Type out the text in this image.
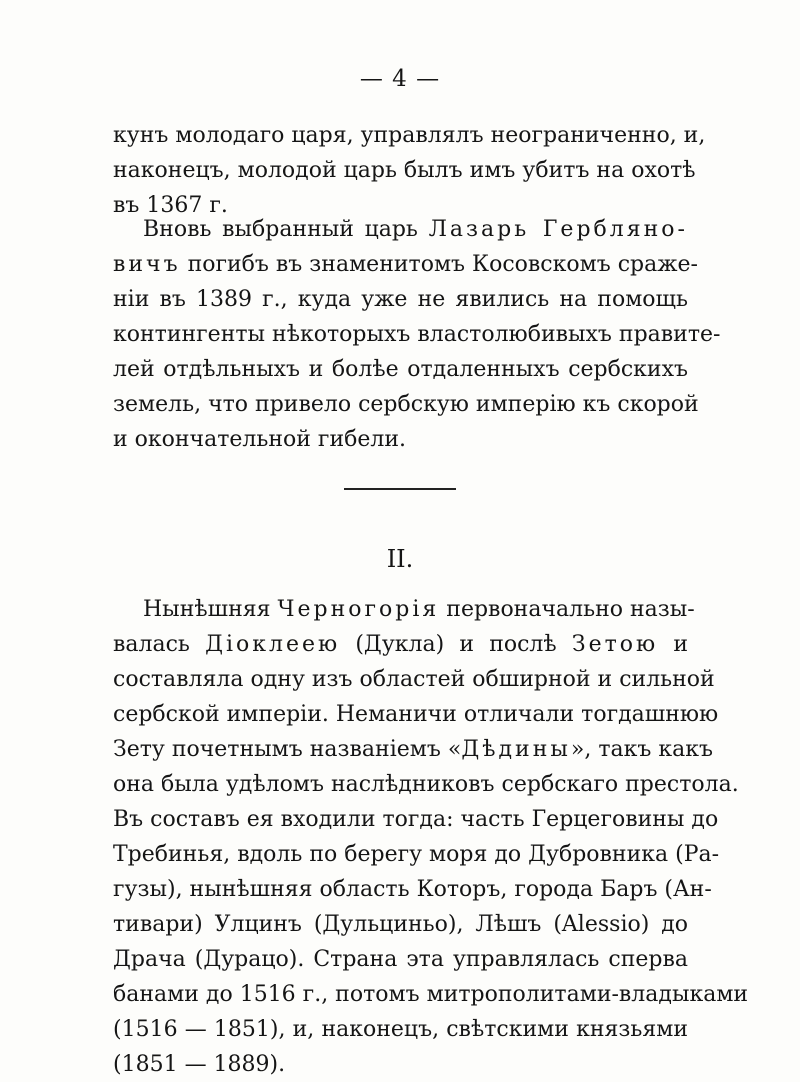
— 4 —
кунъ молодаго царя, управлялъ неограниченно, и,
наконецъ, молодой царь былъ имъ убитъ на охотѣ
въ 1367 г.
Вновь выбранный царь Лазарь Гербляно-
вичъ погибъ въ знаменитомъ Косовскомъ сраже-
нiи въ 1389 г., куда уже не явились на помощь
контингенты нѣкоторыхъ властолюбивыхъ правите-
лей отдѣльныхъ и болѣе отдаленныхъ сербскихъ
земель, что привело сербскую имперiю къ скорой
и окончательной гибели.
II.
Нынѣшняя Черногорiя первоначально назы-
валась Дiоклеею (Дукла) и послѣ Зетою и
составляла одну изъ областей обширной и сильной
сербской имперiи. Неманичи отличали тогдашнюю
Зету почетнымъ названiемъ «Дѣдины», такъ какъ
она была удѣломъ наслѣдниковъ сербскаго престола.
Въ составъ ея входили тогда: часть Герцеговины до
Требинья, вдоль по берегу моря до Дубровника (Ра-
гузы), нынѣшняя область Которъ, города Баръ (Ан-
тивари) Улцинъ (Дульциньо), Лѣшъ (Alessio) до
Драча (Дурацо). Страна эта управлялась сперва
банами до 1516 г., потомъ митрополитами-владыками
(1516 — 1851), и, наконецъ, свѣтскими князьями
(1851 — 1889).
